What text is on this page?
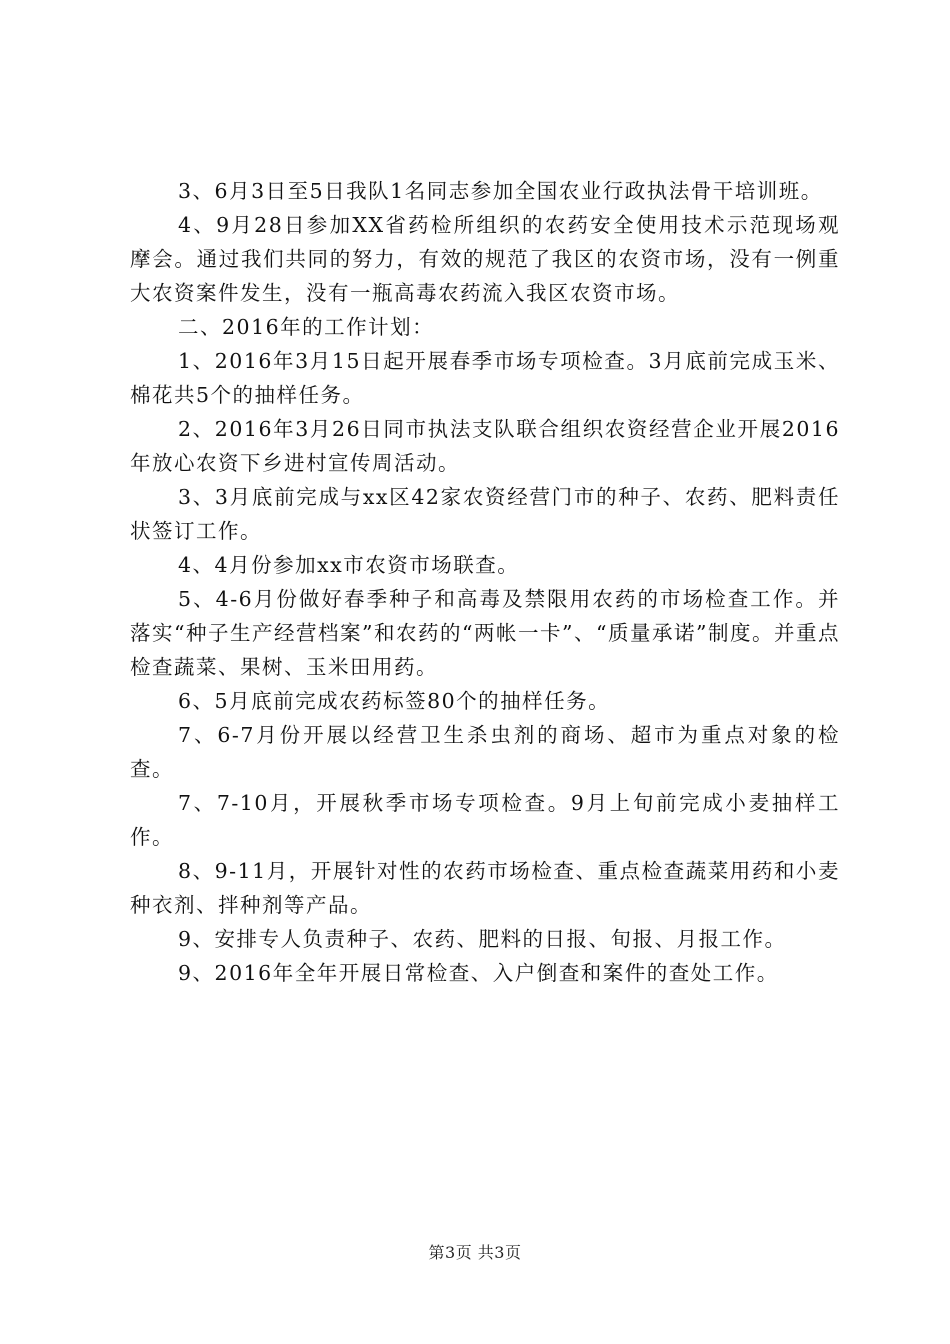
3、6月3日至5日我队1名同志参加全国农业行政执法骨干培训班。

4、9月28日参加XX省药检所组织的农药安全使用技术示范现场观摩会。通过我们共同的努力，有效的规范了我区的农资市场，没有一例重大农资案件发生，没有一瓶高毒农药流入我区农资市场。

二、2016年的工作计划：

1、2016年3月15日起开展春季市场专项检查。3月底前完成玉米、棉花共5个的抽样任务。

2、2016年3月26日同市执法支队联合组织农资经营企业开展2016年放心农资下乡进村宣传周活动。

3、3月底前完成与xx区42家农资经营门市的种子、农药、肥料责任状签订工作。

4、4月份参加xx市农资市场联查。

5、4-6月份做好春季种子和高毒及禁限用农药的市场检查工作。并落实“种子生产经营档案”和农药的“两帐一卡”、“质量承诺”制度。并重点检查蔬菜、果树、玉米田用药。

6、5月底前完成农药标签80个的抽样任务。

7、6-7月份开展以经营卫生杀虫剂的商场、超市为重点对象的检查。

7、7-10月，开展秋季市场专项检查。9月上旬前完成小麦抽样工作。

8、9-11月，开展针对性的农药市场检查、重点检查蔬菜用药和小麦种衣剂、拌种剂等产品。

9、安排专人负责种子、农药、肥料的日报、旬报、月报工作。

9、2016年全年开展日常检查、入户倒查和案件的查处工作。

第3页 共3页
